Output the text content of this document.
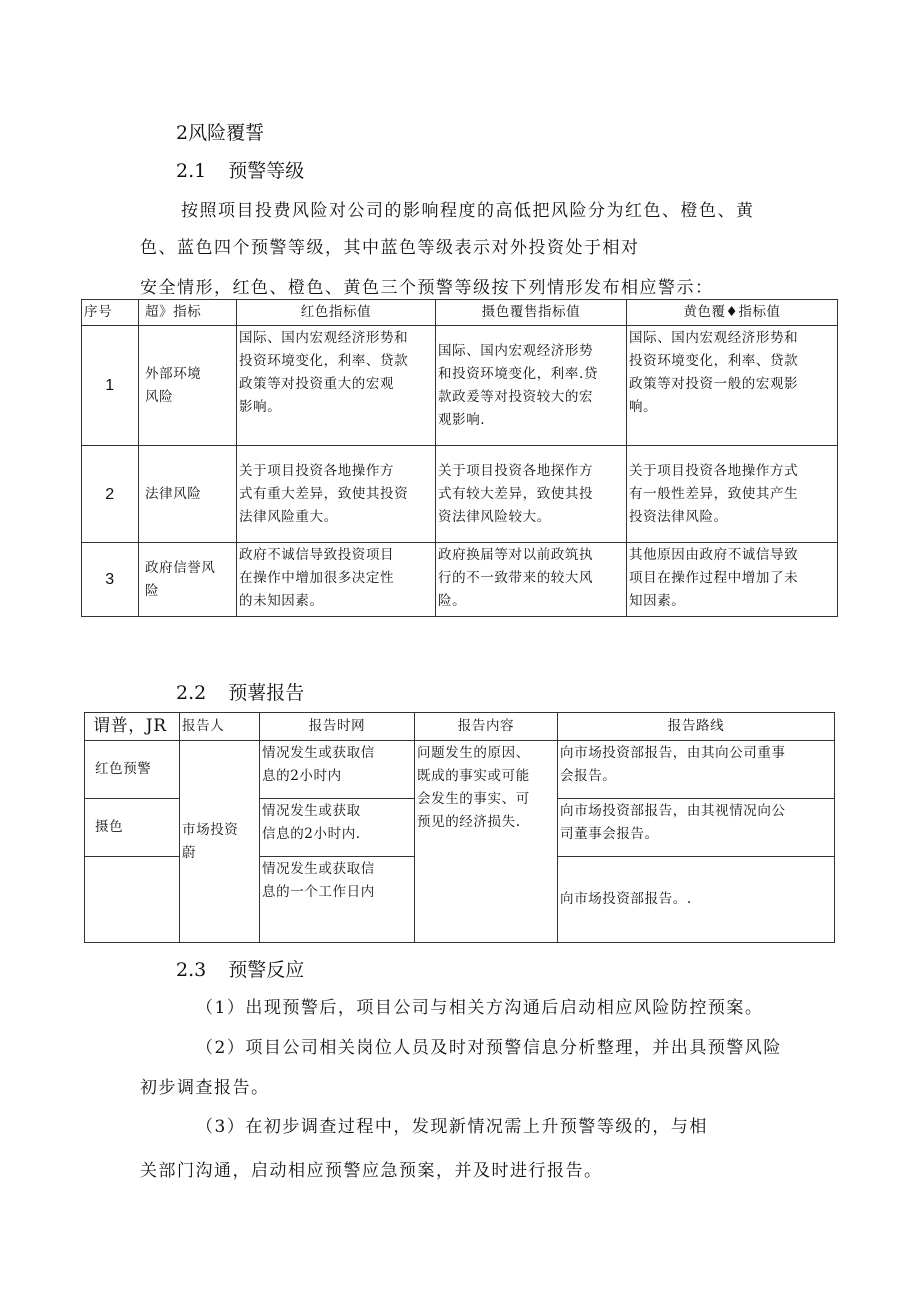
2风险覆誓
2.1 预警等级
按照项目投费风险对公司的影响程度的高低把风险分为红色、橙色、黄
色、蓝色四个预警等级，其中蓝色等级表示对外投资处于相对
安全情形，红色、橙色、黄色三个预警等级按下列情形发布相应警示：
序号	超》指标	红色指标值	摄色覆售指标值	黄色覆♦指标值
1	外部环境
风险	国际、国内宏观经济形势和
投资环境变化，利率、贷款
政策等对投资重大的宏观
影响。	国际、国内宏观经济形势
和投资环境变化，利率.贷
款政爰等对投资较大的宏
观影响.	国际、国内宏观经济形势和
投资环境变化，利率、贷款
政策等对投资一般的宏观影
响。
2	法律风险	关于项目投资各地操作方
式有重大差异，致使其投资
法律风险重大。	关于项目投资各地探作方
式有较大差异，致使其投
资法律风险较大。	关于项目投资各地操作方式
有一般性差异，致使其产生
投资法律风险。
3	政府信誉风
险	政府不诚信导致投资项目
在操作中增加很多决定性
的未知因素。	政府换届等对以前政筑执
行的不一致带来的较大风
险。	其他原因由政府不诚信导致
项目在操作过程中增加了未
知因素。
2.2 预薯报告
谓普，JR	报告人	报告时网	报告内容	报告路线
红色预警	市场投资
蔚	情况发生或获取信
息的2小时内	问题发生的原因、
既成的事实或可能
会发生的事实、可
预见的经济损失.	向市场投资部报告，由其向公司重事
会报告。
摄色		情况发生或获取
信息的2小时内.		向市场投资部报告，由其视情况向公
司董事会报告。
		情况发生或获取信
息的一个工作日内		向市场投资部报告。.
2.3 预警反应
（1）出现预警后，项目公司与相关方沟通后启动相应风险防控预案。
（2）项目公司相关岗位人员及时对预警信息分析整理，并出具预警风险
初步调查报告。
（3）在初步调查过程中，发现新情况需上升预警等级的，与相
关部门沟通，启动相应预警应急预案，并及时进行报告。
